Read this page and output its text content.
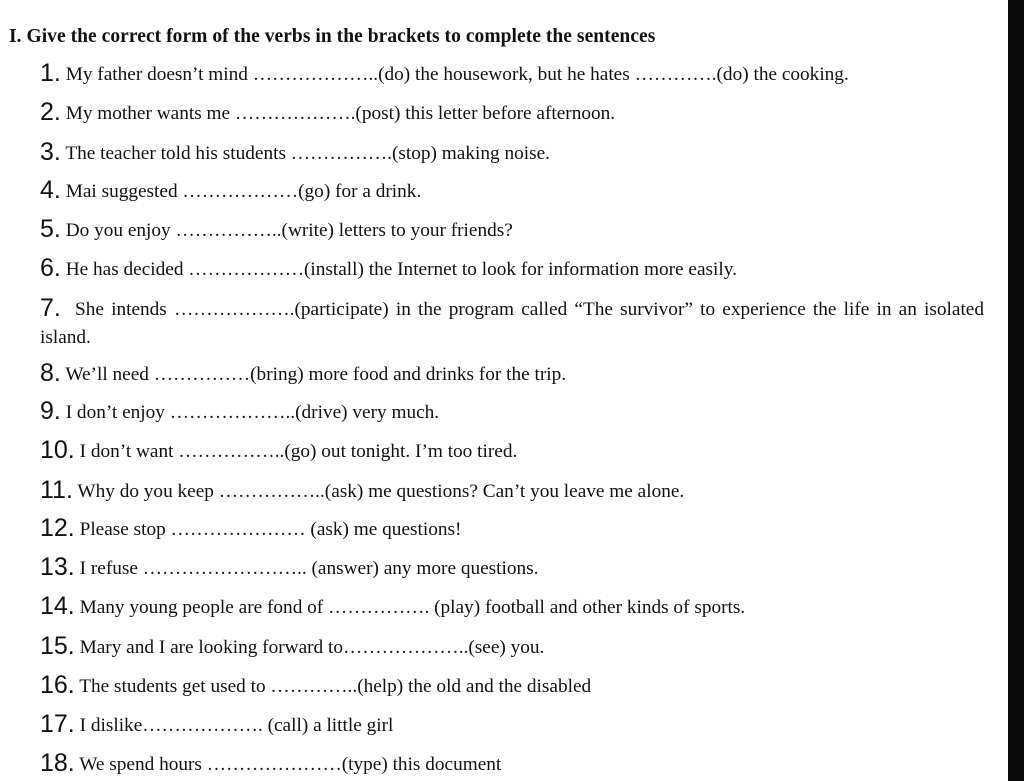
I. Give the correct form of the verbs in the brackets to complete the sentences
1. My father doesn’t mind ………………..(do) the housework, but he hates ………….(do) the cooking.
2. My mother wants me ……………….(post) this letter before afternoon.
3. The teacher told his students …………….(stop) making noise.
4. Mai suggested ………………(go) for a drink.
5. Do you enjoy ……………..(write) letters to your friends?
6. He has decided ………………(install) the Internet to look for information more easily.
7. She intends ……………….(participate) in the program called “The survivor” to experience the life in an isolated island.
8. We’ll need ……………(bring) more food and drinks for the trip.
9. I don’t enjoy ………………..(drive) very much.
10. I don’t want ……………..(go) out tonight. I’m too tired.
11. Why do you keep ……………..(ask) me questions? Can’t you leave me alone.
12. Please stop ………………… (ask) me questions!
13. I refuse …………………….. (answer) any more questions.
14. Many young people are fond of ……………. (play) football and other kinds of sports.
15. Mary and I are looking forward to………………..(see) you.
16. The students get used to …………..(help) the old and the disabled
17. I dislike………………. (call) a little girl
18. We spend hours …………………(type) this document
